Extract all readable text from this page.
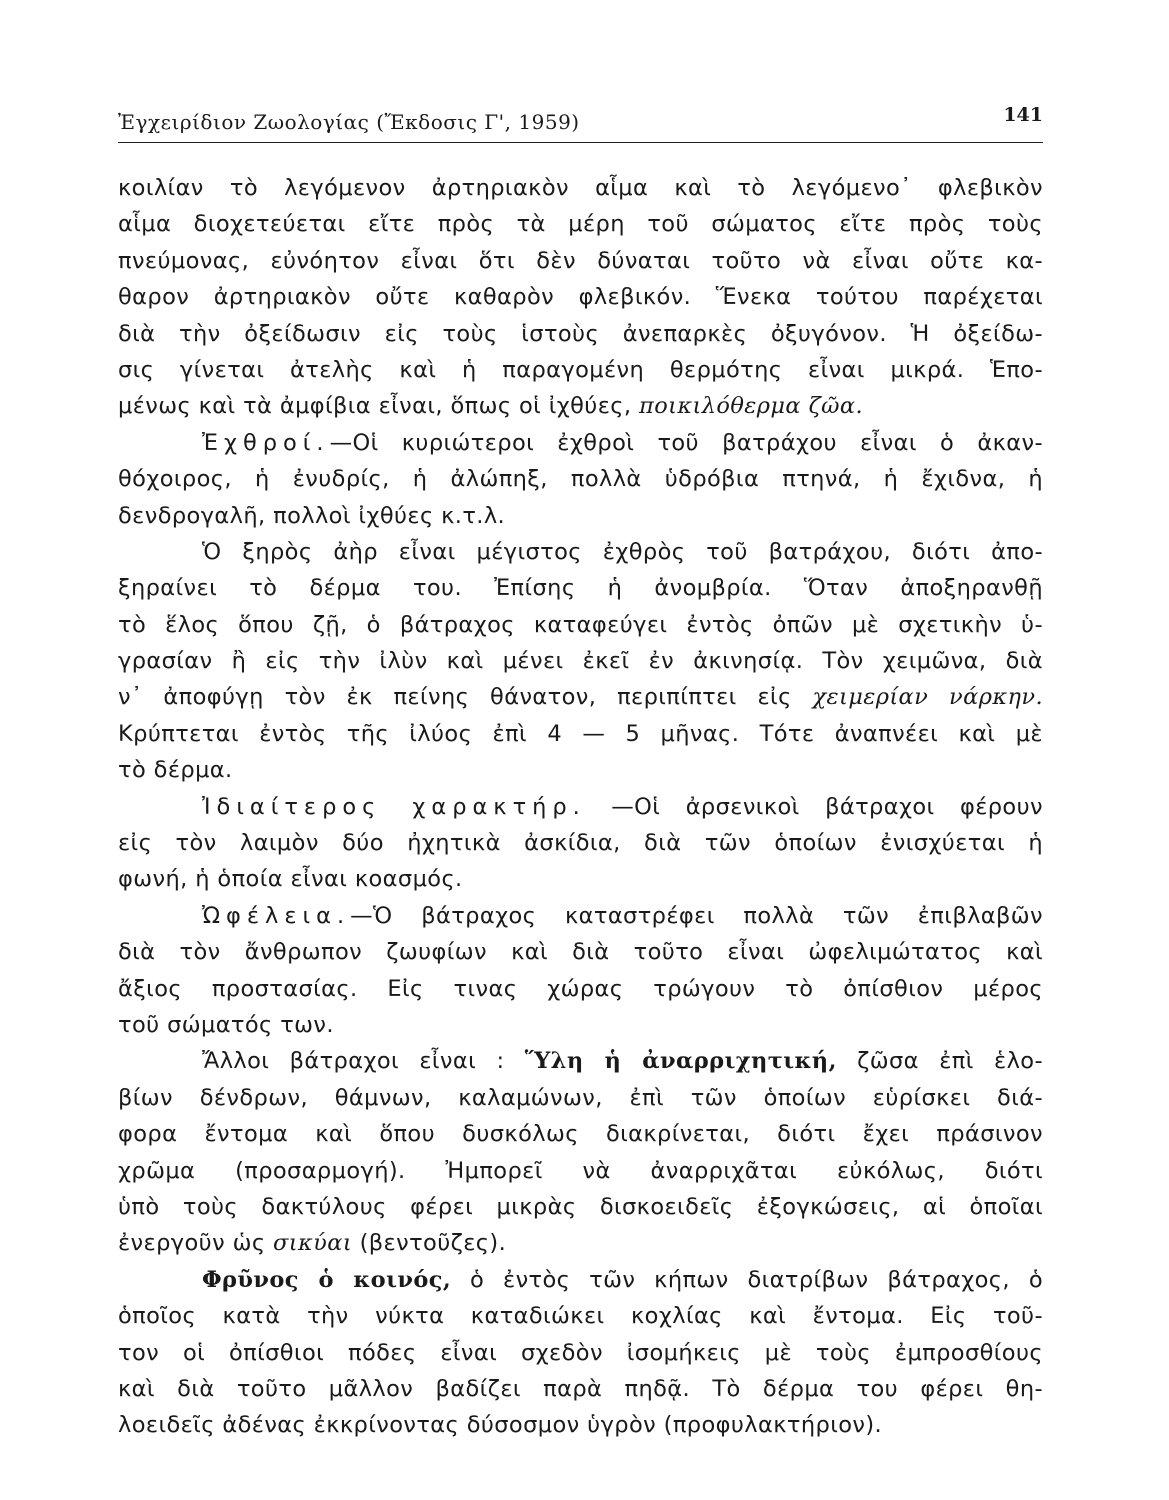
Ἐγχειρίδιον Ζωολογίας (Ἔκδοσις Γ', 1959)	141
κοιλίαν τὸ λεγόμενον ἀρτηριακὸν αἷμα καὶ τὸ λεγόμενο᾽ φλεβικὸν
αἷμα διοχετεύεται εἴτε πρὸς τὰ μέρη τοῦ σώματος εἴτε πρὸς τοὺς
πνεύμονας, εὐνόητον εἶναι ὅτι δὲν δύναται τοῦτο νὰ εἶναι οὔτε κα-
θαρον ἀρτηριακὸν οὔτε καθαρὸν φλεβικόν. Ἕνεκα τούτου παρέχεται
διὰ τὴν ὀξείδωσιν εἰς τοὺς ἱστοὺς ἀνεπαρκὲς ὀξυγόνον. Ἡ ὀξείδω-
σις γίνεται ἀτελὴς καὶ ἡ παραγομένη θερμότης εἶναι μικρά. Ἑπο-
μένως καὶ τὰ ἀμφίβια εἶναι, ὅπως οἱ ἰχθύες, ποικιλόθερμα ζῶα.
Ἐχθροί.—Οἱ κυριώτεροι ἐχθροὶ τοῦ βατράχου εἶναι ὁ ἀκαν-
θόχοιρος, ἡ ἐνυδρίς, ἡ ἀλώπηξ, πολλὰ ὑδρόβια πτηνά, ἡ ἔχιδνα, ἡ
δενδρογαλῆ, πολλοὶ ἰχθύες κ.τ.λ.
Ὁ ξηρὸς ἀὴρ εἶναι μέγιστος ἐχθρὸς τοῦ βατράχου, διότι ἀπο-
ξηραίνει τὸ δέρμα του. Ἐπίσης ἡ ἀνομβρία. Ὅταν ἀποξηρανθῇ
τὸ ἕλος ὅπου ζῇ, ὁ βάτραχος καταφεύγει ἐντὸς ὀπῶν μὲ σχετικὴν ὑ-
γρασίαν ἢ εἰς τὴν ἰλὺν καὶ μένει ἐκεῖ ἐν ἀκινησίᾳ. Τὸν χειμῶνα, διὰ
ν᾽ ἀποφύγῃ τὸν ἐκ πείνης θάνατον, περιπίπτει εἰς χειμερίαν νάρκην.
Κρύπτεται ἐντὸς τῆς ἰλύος ἐπὶ 4 — 5 μῆνας. Τότε ἀναπνέει καὶ μὲ
τὸ δέρμα.
Ἰδιαίτερος χαρακτήρ. —Οἱ ἀρσενικοὶ βάτραχοι φέρουν
εἰς τὸν λαιμὸν δύο ἠχητικὰ ἀσκίδια, διὰ τῶν ὁποίων ἐνισχύεται ἡ
φωνή, ἡ ὁποία εἶναι κοασμός.
Ὠφέλεια.—Ὁ βάτραχος καταστρέφει πολλὰ τῶν ἐπιβλαβῶν
διὰ τὸν ἄνθρωπον ζωυφίων καὶ διὰ τοῦτο εἶναι ὠφελιμώτατος καὶ
ἄξιος προστασίας. Εἰς τινας χώρας τρώγουν τὸ ὀπίσθιον μέρος
τοῦ σώματός των.
Ἄλλοι βάτραχοι εἶναι : Ὕλη ἡ ἀναρριχητική, ζῶσα ἐπὶ ἑλο-
βίων δένδρων, θάμνων, καλαμώνων, ἐπὶ τῶν ὁποίων εὑρίσκει διά-
φορα ἔντομα καὶ ὅπου δυσκόλως διακρίνεται, διότι ἔχει πράσινον
χρῶμα (προσαρμογή). Ἠμπορεῖ νὰ ἀναρριχᾶται εὐκόλως, διότι
ὑπὸ τοὺς δακτύλους φέρει μικρὰς δισκοειδεῖς ἐξογκώσεις, αἱ ὁποῖαι
ἐνεργοῦν ὡς σικύαι (βεντοῦζες).
Φρῦνος ὁ κοινός, ὁ ἐντὸς τῶν κήπων διατρίβων βάτραχος, ὁ
ὁποῖος κατὰ τὴν νύκτα καταδιώκει κοχλίας καὶ ἔντομα. Εἰς τοῦ-
τον οἱ ὀπίσθιοι πόδες εἶναι σχεδὸν ἰσομήκεις μὲ τοὺς ἐμπροσθίους
καὶ διὰ τοῦτο μᾶλλον βαδίζει παρὰ πηδᾷ. Τὸ δέρμα του φέρει θη-
λοειδεῖς ἀδένας ἐκκρίνοντας δύσοσμον ὑγρὸν (προφυλακτήριον).
